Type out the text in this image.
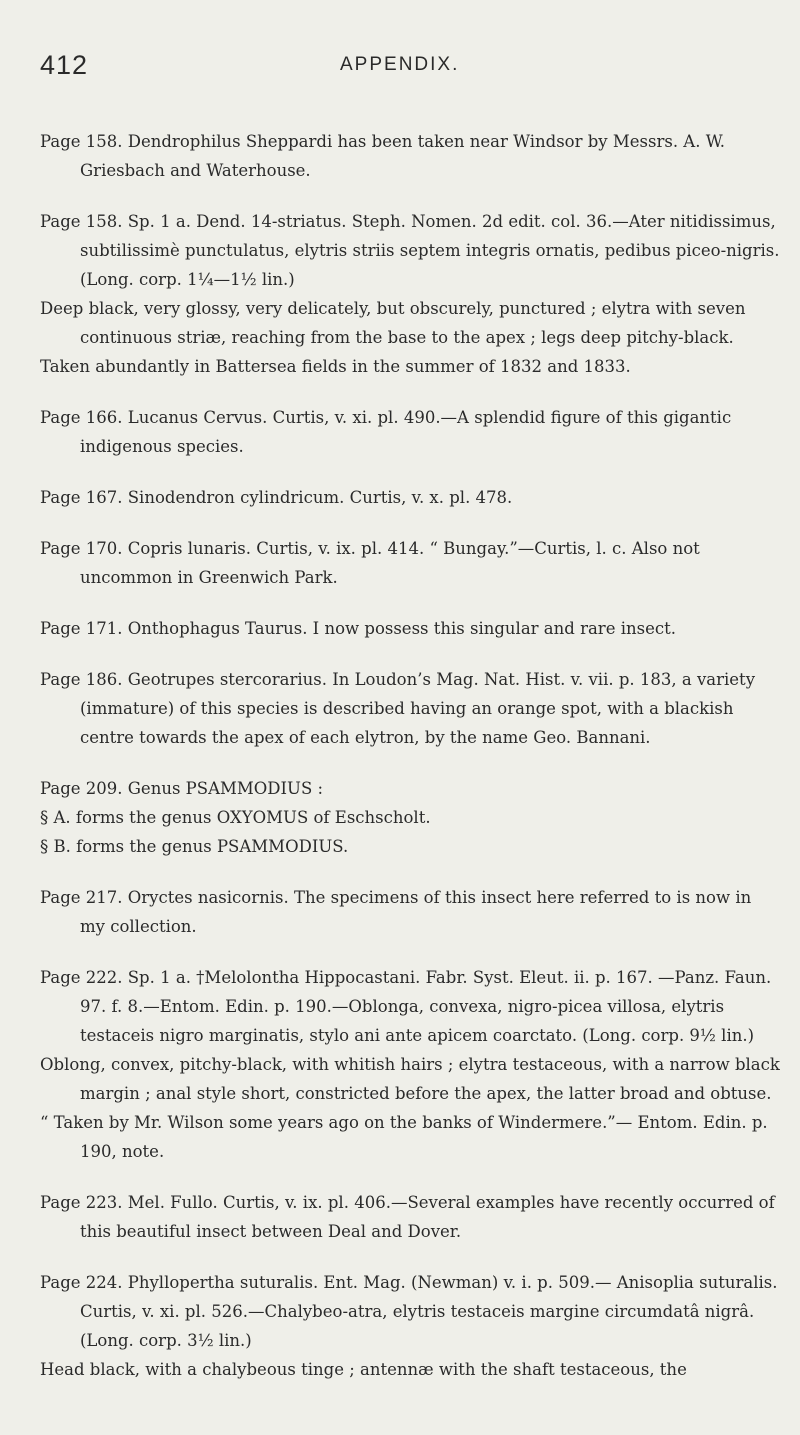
412	APPENDIX.

Page 158. Dendrophilus Sheppardi has been taken near Windsor by Messrs. A. W. Griesbach and Waterhouse.

Page 158. Sp. 1 a. Dend. 14-striatus. Steph. Nomen. 2d edit. col. 36.—Ater nitidissimus, subtilissimè punctulatus, elytris striis septem integris ornatis, pedibus piceo-nigris. (Long. corp. 1¼—1½ lin.)

Deep black, very glossy, very delicately, but obscurely, punctured ; elytra with seven continuous striæ, reaching from the base to the apex ; legs deep pitchy-black.

Taken abundantly in Battersea fields in the summer of 1832 and 1833.

Page 166. Lucanus Cervus. Curtis, v. xi. pl. 490.—A splendid figure of this gigantic indigenous species.

Page 167. Sinodendron cylindricum. Curtis, v. x. pl. 478.

Page 170. Copris lunaris. Curtis, v. ix. pl. 414. “ Bungay.”—Curtis, l. c. Also not uncommon in Greenwich Park.

Page 171. Onthophagus Taurus. I now possess this singular and rare insect.

Page 186. Geotrupes stercorarius. In Loudon’s Mag. Nat. Hist. v. vii. p. 183, a variety (immature) of this species is described having an orange spot, with a blackish centre towards the apex of each elytron, by the name Geo. Bannani.

Page 209. Genus PSAMMODIUS :

§ A. forms the genus OXYOMUS of Eschscholt.

§ B. forms the genus PSAMMODIUS.

Page 217. Oryctes nasicornis. The specimens of this insect here referred to is now in my collection.

Page 222. Sp. 1 a. †Melolontha Hippocastani. Fabr. Syst. Eleut. ii. p. 167. —Panz. Faun. 97. f. 8.—Entom. Edin. p. 190.—Oblonga, convexa, nigro-picea villosa, elytris testaceis nigro marginatis, stylo ani ante apicem coarctato. (Long. corp. 9½ lin.)

Oblong, convex, pitchy-black, with whitish hairs ; elytra testaceous, with a narrow black margin ; anal style short, constricted before the apex, the latter broad and obtuse.

“ Taken by Mr. Wilson some years ago on the banks of Windermere.”— Entom. Edin. p. 190, note.

Page 223. Mel. Fullo. Curtis, v. ix. pl. 406.—Several examples have recently occurred of this beautiful insect between Deal and Dover.

Page 224. Phyllopertha suturalis. Ent. Mag. (Newman) v. i. p. 509.— Anisoplia suturalis. Curtis, v. xi. pl. 526.—Chalybeo-atra, elytris testaceis margine circumdatâ nigrâ. (Long. corp. 3½ lin.)

Head black, with a chalybeous tinge ; antennæ with the shaft testaceous, the
